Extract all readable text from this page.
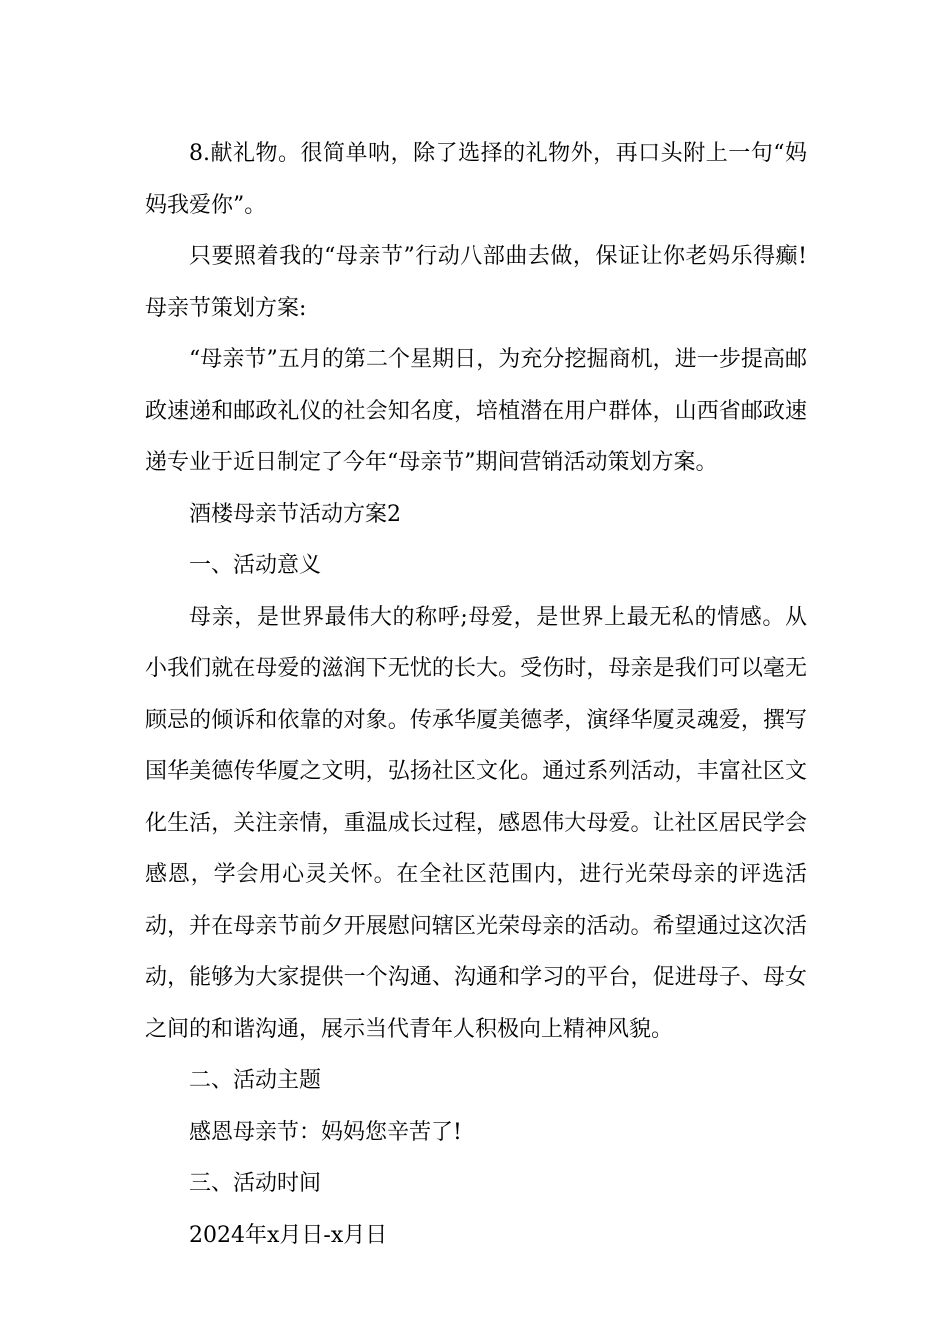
8.献礼物。很简单呐，除了选择的礼物外，再口头附上一句“妈妈我爱你”。

只要照着我的“母亲节”行动八部曲去做，保证让你老妈乐得癫!母亲节策划方案:

“母亲节”五月的第二个星期日，为充分挖掘商机，进一步提高邮政速递和邮政礼仪的社会知名度，培植潜在用户群体，山西省邮政速递专业于近日制定了今年“母亲节”期间营销活动策划方案。

酒楼母亲节活动方案2

一、活动意义

母亲，是世界最伟大的称呼;母爱，是世界上最无私的情感。从小我们就在母爱的滋润下无忧的长大。受伤时，母亲是我们可以毫无顾忌的倾诉和依靠的对象。传承华厦美德孝，演绎华厦灵魂爱，撰写国华美德传华厦之文明，弘扬社区文化。通过系列活动，丰富社区文化生活，关注亲情，重温成长过程，感恩伟大母爱。让社区居民学会感恩，学会用心灵关怀。在全社区范围内，进行光荣母亲的评选活动，并在母亲节前夕开展慰问辖区光荣母亲的活动。希望通过这次活动，能够为大家提供一个沟通、沟通和学习的平台，促进母子、母女之间的和谐沟通，展示当代青年人积极向上精神风貌。

二、活动主题

感恩母亲节：妈妈您辛苦了!

三、活动时间

2024年x月日-x月日
